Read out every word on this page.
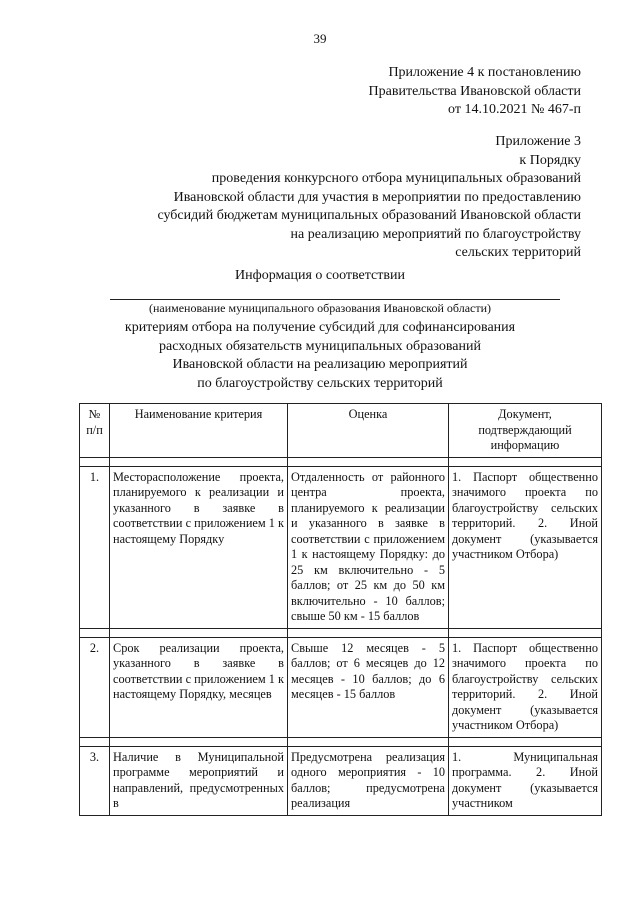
39
Приложение 4 к постановлению
Правительства Ивановской области
от 14.10.2021 № 467-п
Приложение 3
к Порядку
проведения конкурсного отбора муниципальных образований
Ивановской области для участия в мероприятии по предоставлению
субсидий бюджетам муниципальных образований Ивановской области
на реализацию мероприятий по благоустройству
сельских территорий
Информация о соответствии
(наименование муниципального образования Ивановской области)
критериям отбора на получение субсидий для софинансирования
расходных обязательств муниципальных образований
Ивановской области на реализацию мероприятий
по благоустройству сельских территорий
№ п/п	Наименование критерия	Оценка	Документ, подтверждающий информацию

1.	Месторасположение проекта, планируемого к реализации и указанного в заявке в соответствии с приложением 1 к настоящему Порядку	Отдаленность от районного центра проекта, планируемого к реализации и указанного в заявке в соответствии с приложением 1 к настоящему Порядку: до 25 км включительно - 5 баллов; от 25 км до 50 км включительно - 10 баллов; свыше 50 км - 15 баллов	1. Паспорт общественно значимого проекта по благоустройству сельских территорий. 2. Иной документ (указывается участником Отбора)

2.	Срок реализации проекта, указанного в заявке в соответствии с приложением 1 к настоящему Порядку, месяцев	Свыше 12 месяцев - 5 баллов; от 6 месяцев до 12 месяцев - 10 баллов; до 6 месяцев - 15 баллов	1. Паспорт общественно значимого проекта по благоустройству сельских территорий. 2. Иной документ (указывается участником Отбора)

3.	Наличие в Муниципальной программе мероприятий и направлений, предусмотренных в	Предусмотрена реализация одного мероприятия - 10 баллов; предусмотрена реализация	1. Муниципальная программа. 2. Иной документ (указывается участником
